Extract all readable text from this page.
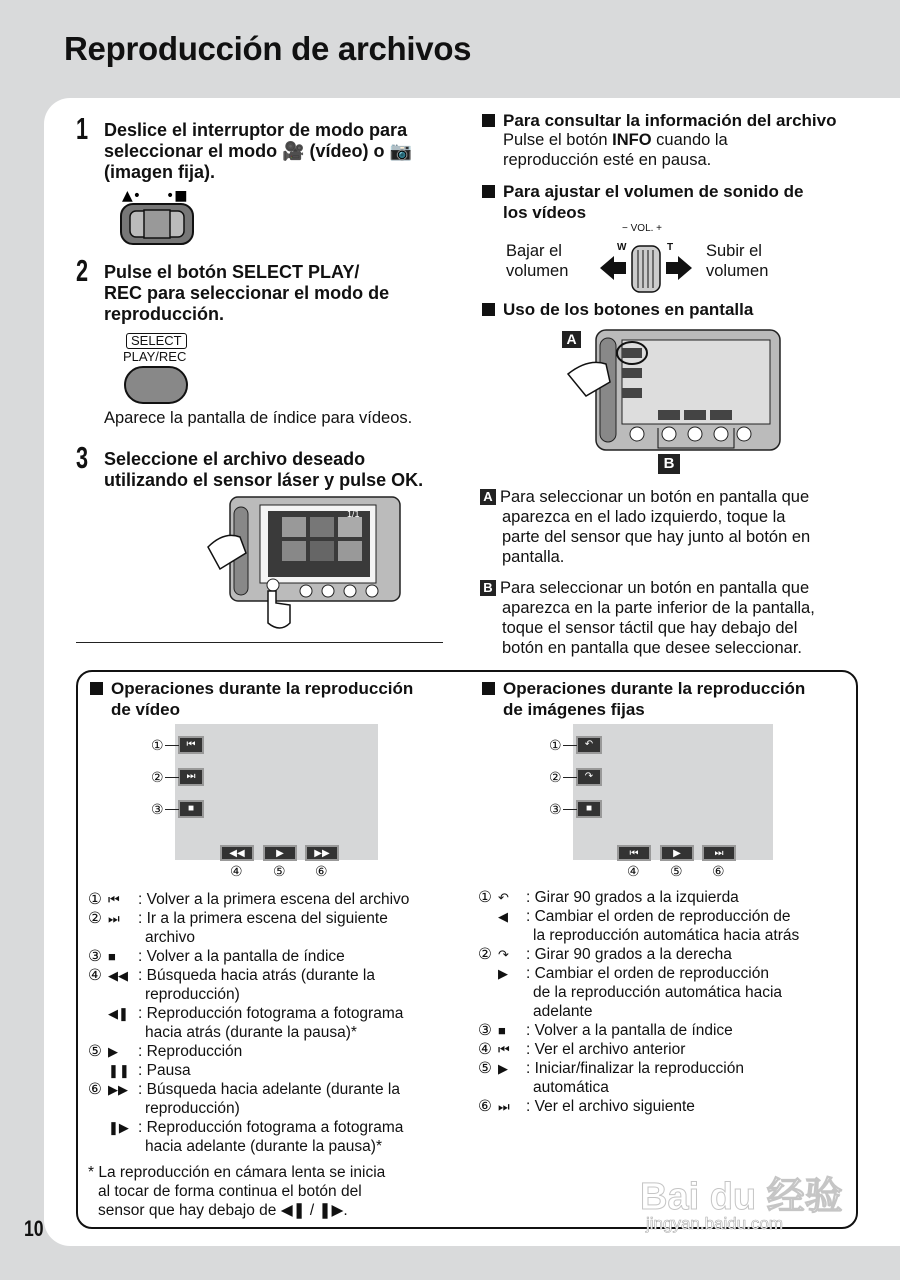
Reproducción de archivos
1 Deslice el interruptor de modo para
seleccionar el modo 🎥 (vídeo) o 📷
(imagen fija).
▲• •■
2 Pulse el botón SELECT PLAY/
REC para seleccionar el modo de
reproducción.
SELECT
PLAY/REC
Aparece la pantalla de índice para vídeos.
3 Seleccione el archivo deseado
utilizando el sensor láser y pulse OK.
1/1
Para consultar la información del archivo
Pulse el botón INFO cuando la
reproducción esté en pausa.
Para ajustar el volumen de sonido de
los vídeos
Bajar el
volumen
Subir el
volumen
− VOL. +
W	T
Uso de los botones en pantalla
A
B
A Para seleccionar un botón en pantalla que
aparezca en el lado izquierdo, toque la
parte del sensor que hay junto al botón en
pantalla.
B Para seleccionar un botón en pantalla que
aparezca en la parte inferior de la pantalla,
toque el sensor táctil que hay debajo del
botón en pantalla que desee seleccionar.
Operaciones durante la reproducción
de vídeo
⏮
⏭
■
◀◀	▶	▶▶
①
②
③
④ ⑤ ⑥
① ⏮ : Volver a la primera escena del archivo
② ⏭ : Ir a la primera escena del siguiente
archivo
③ ■ : Volver a la pantalla de índice
④ ◀◀ : Búsqueda hacia atrás (durante la
reproducción)
◀❚ : Reproducción fotograma a fotograma
hacia atrás (durante la pausa)*
⑤ ▶ : Reproducción
❚❚ : Pausa
⑥ ▶▶ : Búsqueda hacia adelante (durante la
reproducción)
❚▶ : Reproducción fotograma a fotograma
hacia adelante (durante la pausa)*
* La reproducción en cámara lenta se inicia
al tocar de forma continua el botón del
sensor que hay debajo de ◀❚ / ❚▶.
Operaciones durante la reproducción
de imágenes fijas
↶
↷
■
⏮	▶	⏭
①
②
③
④ ⑤ ⑥
① ↶ : Girar 90 grados a la izquierda
◀ : Cambiar el orden de reproducción de
la reproducción automática hacia atrás
② ↷ : Girar 90 grados a la derecha
▶ : Cambiar el orden de reproducción
de la reproducción automática hacia
adelante
③ ■ : Volver a la pantalla de índice
④ ⏮ : Ver el archivo anterior
⑤ ▶ : Iniciar/finalizar la reproducción
automática
⑥ ⏭ : Ver el archivo siguiente
Bai du 经验
jingyan.baidu.com
10
